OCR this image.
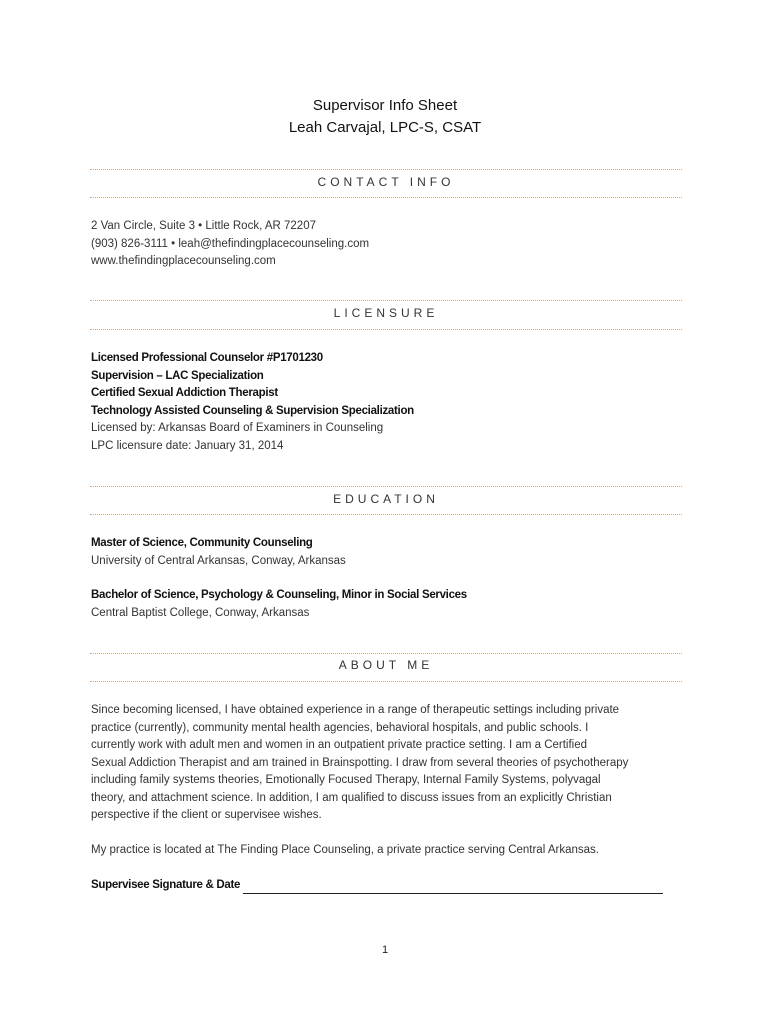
Supervisor Info Sheet
Leah Carvajal, LPC-S, CSAT
CONTACT INFO
2 Van Circle, Suite 3 • Little Rock, AR 72207
(903) 826-3111 • leah@thefindingplacecounseling.com
www.thefindingplacecounseling.com
LICENSURE
Licensed Professional Counselor #P1701230
Supervision – LAC Specialization
Certified Sexual Addiction Therapist
Technology Assisted Counseling & Supervision Specialization
Licensed by: Arkansas Board of Examiners in Counseling
LPC licensure date: January 31, 2014
EDUCATION
Master of Science, Community Counseling
University of Central Arkansas, Conway, Arkansas
Bachelor of Science, Psychology & Counseling, Minor in Social Services
Central Baptist College, Conway, Arkansas
ABOUT ME
Since becoming licensed, I have obtained experience in a range of therapeutic settings including private
practice (currently), community mental health agencies, behavioral hospitals, and public schools. I
currently work with adult men and women in an outpatient private practice setting. I am a Certified
Sexual Addiction Therapist and am trained in Brainspotting. I draw from several theories of psychotherapy
including family systems theories, Emotionally Focused Therapy, Internal Family Systems, polyvagal
theory, and attachment science. In addition, I am qualified to discuss issues from an explicitly Christian
perspective if the client or supervisee wishes.
My practice is located at The Finding Place Counseling, a private practice serving Central Arkansas.
Supervisee Signature & Date
1
